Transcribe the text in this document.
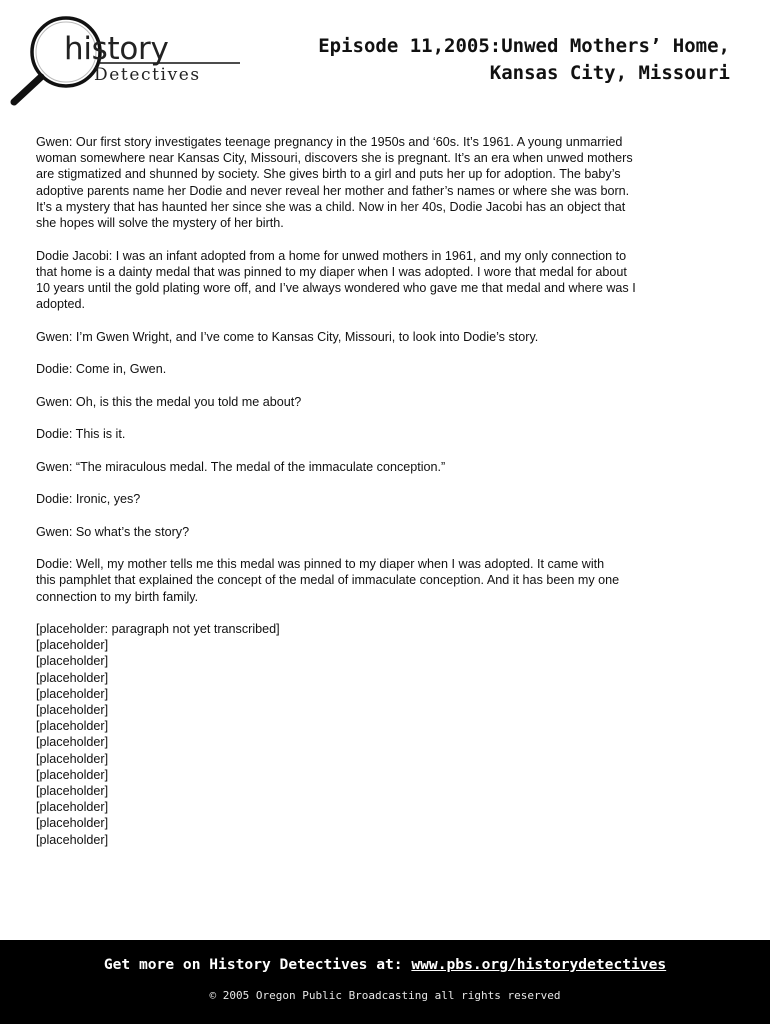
history
Detectives
Episode 11,2005:Unwed Mothers’ Home,
Kansas City, Missouri

Gwen: Our first story investigates teenage pregnancy in the 1950s and ‘60s. It’s 1961. A young unmarried
woman somewhere near Kansas City, Missouri, discovers she is pregnant. It’s an era when unwed mothers
are stigmatized and shunned by society. She gives birth to a girl and puts her up for adoption. The baby’s
adoptive parents name her Dodie and never reveal her mother and father’s names or where she was born.
It’s a mystery that has haunted her since she was a child. Now in her 40s, Dodie Jacobi has an object that
she hopes will solve the mystery of her birth.

Dodie Jacobi: I was an infant adopted from a home for unwed mothers in 1961, and my only connection to
that home is a dainty medal that was pinned to my diaper when I was adopted. I wore that medal for about
10 years until the gold plating wore off, and I’ve always wondered who gave me that medal and where was I
adopted.

Gwen: I’m Gwen Wright, and I’ve come to Kansas City, Missouri, to look into Dodie’s story.

Dodie: Come in, Gwen.

Gwen: Oh, is this the medal you told me about?

Dodie: This is it.

Gwen: “The miraculous medal. The medal of the immaculate conception.”

Dodie: Ironic, yes?

Gwen: So what’s the story?

Dodie: Well, my mother tells me this medal was pinned to my diaper when I was adopted. It came with
this pamphlet that explained the concept of the medal of immaculate conception. And it has been my one
connection to my birth family.

[placeholder: paragraph not yet transcribed]
[placeholder]
[placeholder]
[placeholder]
[placeholder]
[placeholder]
[placeholder]
[placeholder]
[placeholder]
[placeholder]
[placeholder]
[placeholder]
[placeholder]
[placeholder]

Get more on History Detectives at: www.pbs.org/historydetectives
© 2005 Oregon Public Broadcasting all rights reserved
